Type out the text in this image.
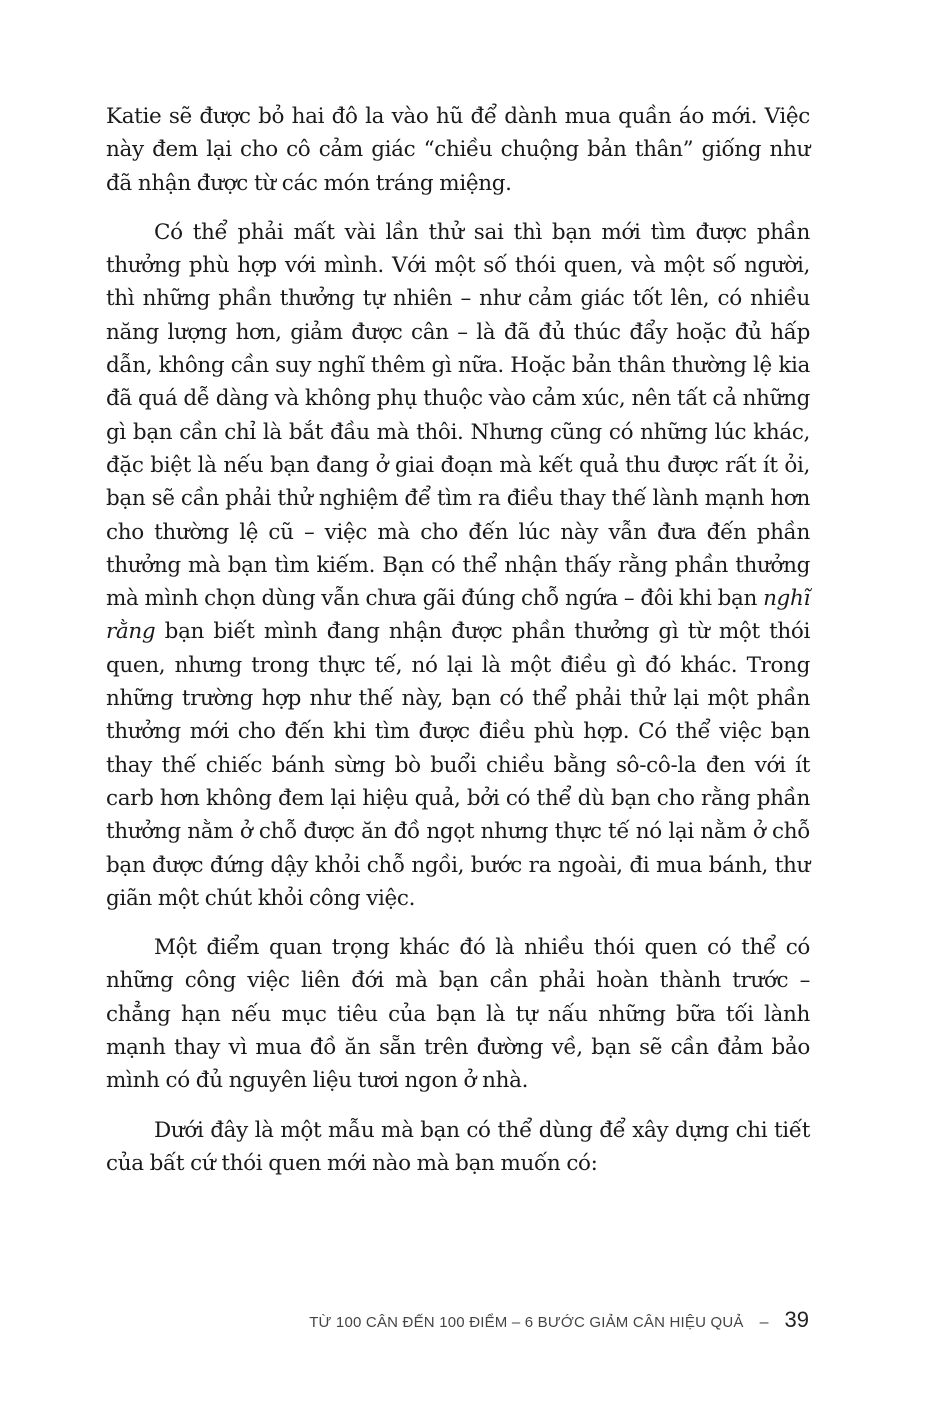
Katie sẽ được bỏ hai đô la vào hũ để dành mua quần áo mới. Việc này đem lại cho cô cảm giác “chiều chuộng bản thân” giống như đã nhận được từ các món tráng miệng.

Có thể phải mất vài lần thử sai thì bạn mới tìm được phần thưởng phù hợp với mình. Với một số thói quen, và một số người, thì những phần thưởng tự nhiên – như cảm giác tốt lên, có nhiều năng lượng hơn, giảm được cân – là đã đủ thúc đẩy hoặc đủ hấp dẫn, không cần suy nghĩ thêm gì nữa. Hoặc bản thân thường lệ kia đã quá dễ dàng và không phụ thuộc vào cảm xúc, nên tất cả những gì bạn cần chỉ là bắt đầu mà thôi. Nhưng cũng có những lúc khác, đặc biệt là nếu bạn đang ở giai đoạn mà kết quả thu được rất ít ỏi, bạn sẽ cần phải thử nghiệm để tìm ra điều thay thế lành mạnh hơn cho thường lệ cũ – việc mà cho đến lúc này vẫn đưa đến phần thưởng mà bạn tìm kiếm. Bạn có thể nhận thấy rằng phần thưởng mà mình chọn dùng vẫn chưa gãi đúng chỗ ngứa – đôi khi bạn nghĩ rằng bạn biết mình đang nhận được phần thưởng gì từ một thói quen, nhưng trong thực tế, nó lại là một điều gì đó khác. Trong những trường hợp như thế này, bạn có thể phải thử lại một phần thưởng mới cho đến khi tìm được điều phù hợp. Có thể việc bạn thay thế chiếc bánh sừng bò buổi chiều bằng sô-cô-la đen với ít carb hơn không đem lại hiệu quả, bởi có thể dù bạn cho rằng phần thưởng nằm ở chỗ được ăn đồ ngọt nhưng thực tế nó lại nằm ở chỗ bạn được đứng dậy khỏi chỗ ngồi, bước ra ngoài, đi mua bánh, thư giãn một chút khỏi công việc.

Một điểm quan trọng khác đó là nhiều thói quen có thể có những công việc liên đới mà bạn cần phải hoàn thành trước – chẳng hạn nếu mục tiêu của bạn là tự nấu những bữa tối lành mạnh thay vì mua đồ ăn sẵn trên đường về, bạn sẽ cần đảm bảo mình có đủ nguyên liệu tươi ngon ở nhà.

Dưới đây là một mẫu mà bạn có thể dùng để xây dựng chi tiết của bất cứ thói quen mới nào mà bạn muốn có:

TỪ 100 CÂN ĐẾN 100 ĐIỂM – 6 BƯỚC GIẢM CÂN HIỆU QUẢ – 39
